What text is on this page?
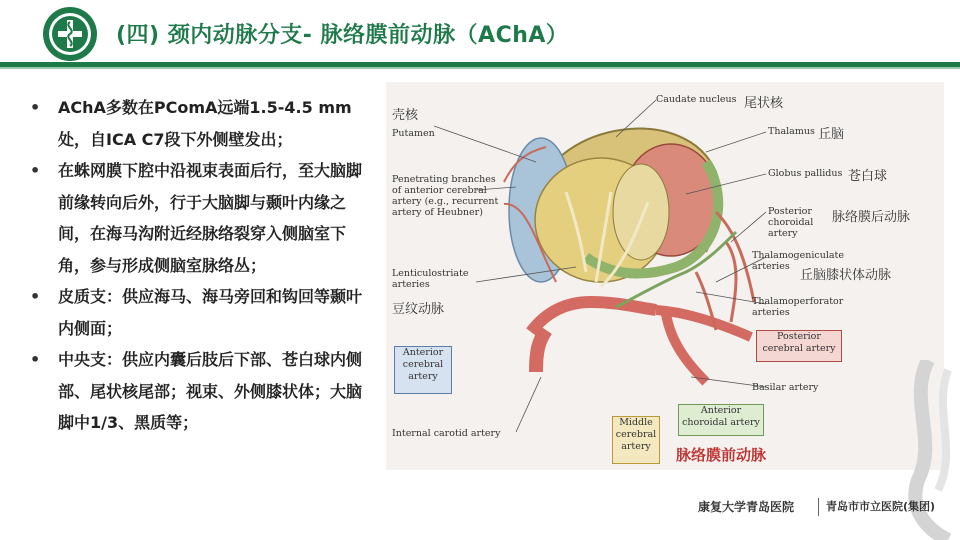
(四) 颈内动脉分支- 脉络膜前动脉（AChA）
• AChA多数在PComA远端1.5-4.5 mm 处，自ICA C7段下外侧壁发出；
• 在蛛网膜下腔中沿视束表面后行，至大脑脚前缘转向后外，行于大脑脚与颞叶内缘之间，在海马沟附近经脉络裂穿入侧脑室下角，参与形成侧脑室脉络丛；
• 皮质支：供应海马、海马旁回和钩回等颞叶内侧面；
• 中央支：供应内囊后肢后下部、苍白球内侧部、尾状核尾部；视束、外侧膝状体；大脑脚中1/3、黑质等；
壳核
Putamen
Caudate nucleus 尾状核
Thalamus 丘脑
Globus pallidus 苍白球
Penetrating branches of anterior cerebral artery (e.g., recurrent artery of Heubner)	Posterior choroidal artery
脉络膜后动脉
Thalamogeniculate arteries
丘脑膝状体动脉
Lenticulostriate arteries
豆纹动脉
Thalamoperforator arteries
Anterior cerebral artery
Posterior cerebral artery
Basilar artery
Internal carotid artery
Middle cerebral artery
Anterior choroidal artery
脉络膜前动脉
康复大学青岛医院	青岛市市立医院(集团)
